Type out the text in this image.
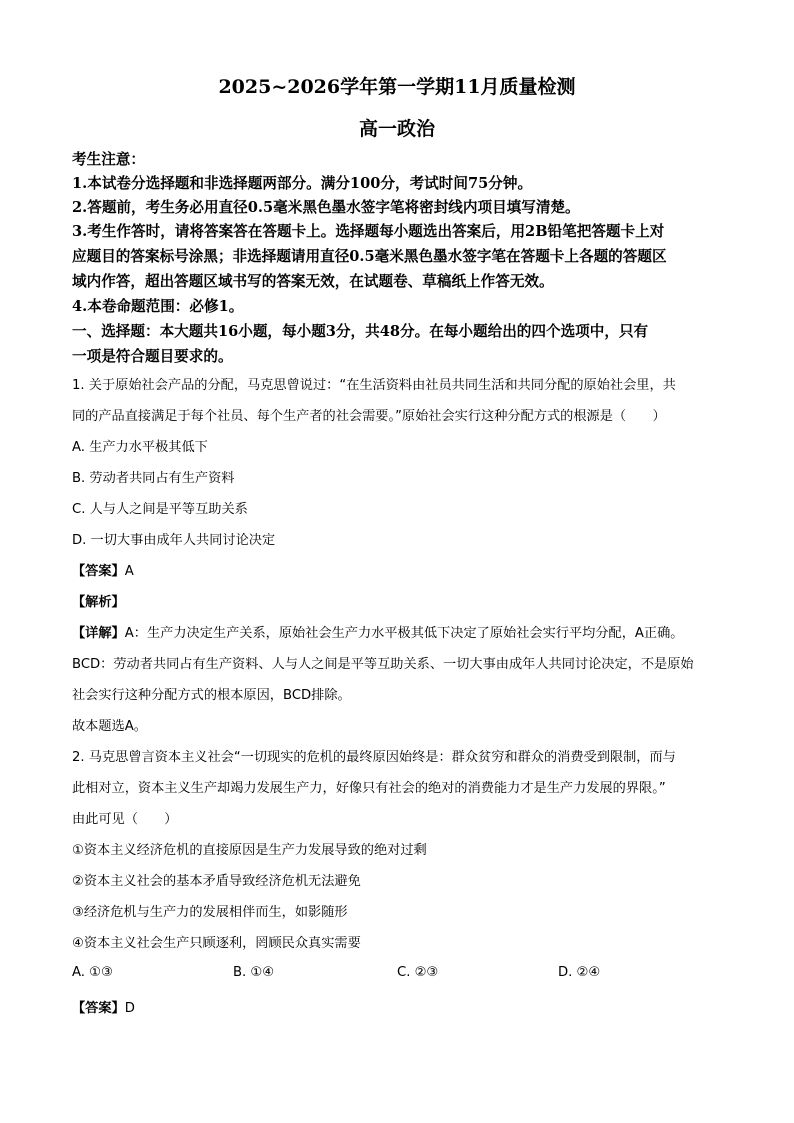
2025~2026学年第一学期11月质量检测
高一政治
考生注意：
1.本试卷分选择题和非选择题两部分。满分100分，考试时间75分钟。
2.答题前，考生务必用直径0.5毫米黑色墨水签字笔将密封线内项目填写清楚。
3.考生作答时，请将答案答在答题卡上。选择题每小题选出答案后，用2B铅笔把答题卡上对
应题目的答案标号涂黑；非选择题请用直径0.5毫米黑色墨水签字笔在答题卡上各题的答题区
域内作答，超出答题区域书写的答案无效，在试题卷、草稿纸上作答无效。
4.本卷命题范围：必修1。
一、选择题：本大题共16小题，每小题3分，共48分。在每小题给出的四个选项中，只有
一项是符合题目要求的。
1. 关于原始社会产品的分配，马克思曾说过：“在生活资料由社员共同生活和共同分配的原始社会里，共
同的产品直接满足于每个社员、每个生产者的社会需要。”原始社会实行这种分配方式的根源是（　　）
A. 生产力水平极其低下
B. 劳动者共同占有生产资料
C. 人与人之间是平等互助关系
D. 一切大事由成年人共同讨论决定
【答案】A
【解析】
【详解】A：生产力决定生产关系，原始社会生产力水平极其低下决定了原始社会实行平均分配，A正确。
BCD：劳动者共同占有生产资料、人与人之间是平等互助关系、一切大事由成年人共同讨论决定，不是原始
社会实行这种分配方式的根本原因，BCD排除。
故本题选A。
2. 马克思曾言资本主义社会“一切现实的危机的最终原因始终是：群众贫穷和群众的消费受到限制，而与
此相对立，资本主义生产却竭力发展生产力，好像只有社会的绝对的消费能力才是生产力发展的界限。”
由此可见（　　）
①资本主义经济危机的直接原因是生产力发展导致的绝对过剩
②资本主义社会的基本矛盾导致经济危机无法避免
③经济危机与生产力的发展相伴而生，如影随形
④资本主义社会生产只顾逐利，罔顾民众真实需要
A. ①③	B. ①④	C. ②③	D. ②④
【答案】D
